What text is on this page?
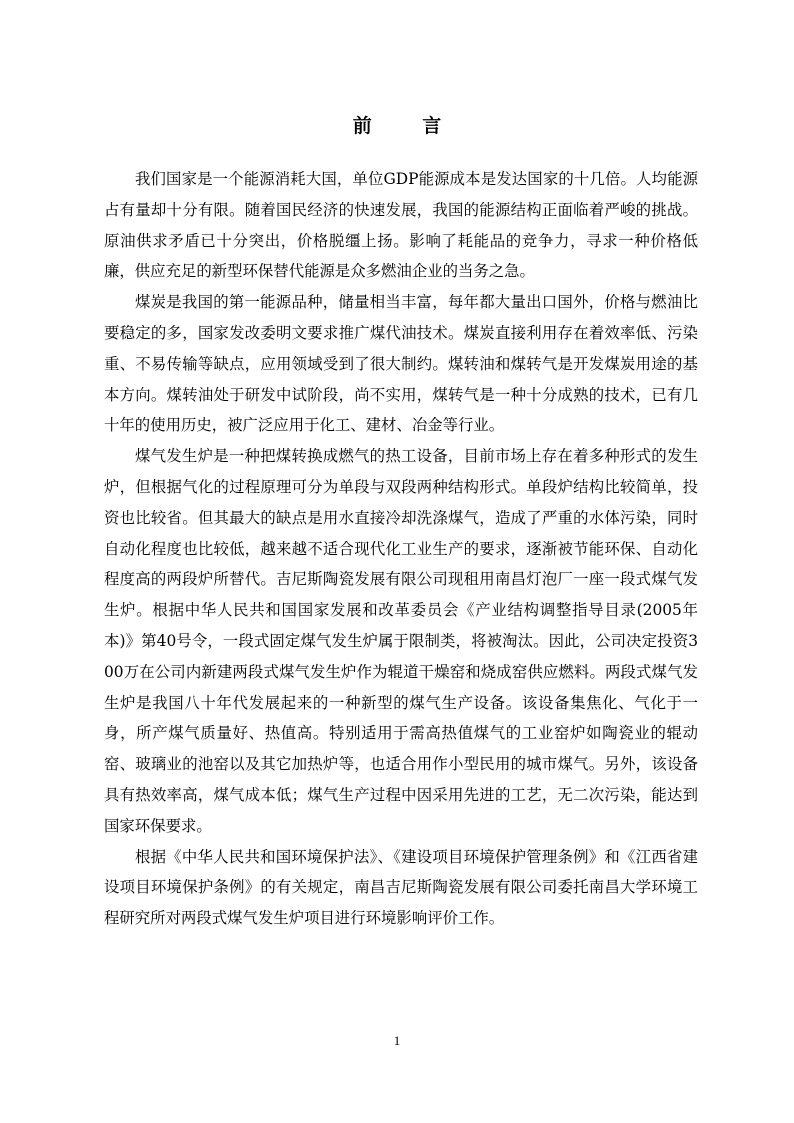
前 言

我们国家是一个能源消耗大国，单位GDP能源成本是发达国家的十几倍。人均能源占有量却十分有限。随着国民经济的快速发展，我国的能源结构正面临着严峻的挑战。原油供求矛盾已十分突出，价格脱缰上扬。影响了耗能品的竞争力，寻求一种价格低廉，供应充足的新型环保替代能源是众多燃油企业的当务之急。

煤炭是我国的第一能源品种，储量相当丰富，每年都大量出口国外，价格与燃油比要稳定的多，国家发改委明文要求推广煤代油技术。煤炭直接利用存在着效率低、污染重、不易传输等缺点，应用领域受到了很大制约。煤转油和煤转气是开发煤炭用途的基本方向。煤转油处于研发中试阶段，尚不实用，煤转气是一种十分成熟的技术，已有几十年的使用历史，被广泛应用于化工、建材、冶金等行业。

煤气发生炉是一种把煤转换成燃气的热工设备，目前市场上存在着多种形式的发生炉，但根据气化的过程原理可分为单段与双段两种结构形式。单段炉结构比较简单，投资也比较省。但其最大的缺点是用水直接冷却洗涤煤气，造成了严重的水体污染，同时自动化程度也比较低，越来越不适合现代化工业生产的要求，逐渐被节能环保、自动化程度高的两段炉所替代。吉尼斯陶瓷发展有限公司现租用南昌灯泡厂一座一段式煤气发生炉。根据中华人民共和国国家发展和改革委员会《产业结构调整指导目录(2005年本)》第40号令，一段式固定煤气发生炉属于限制类，将被淘汰。因此，公司决定投资300万在公司内新建两段式煤气发生炉作为辊道干燥窑和烧成窑供应燃料。两段式煤气发生炉是我国八十年代发展起来的一种新型的煤气生产设备。该设备集焦化、气化于一身，所产煤气质量好、热值高。特别适用于需高热值煤气的工业窑炉如陶瓷业的辊动窑、玻璃业的池窑以及其它加热炉等，也适合用作小型民用的城市煤气。另外，该设备具有热效率高，煤气成本低；煤气生产过程中因采用先进的工艺，无二次污染，能达到国家环保要求。

根据《中华人民共和国环境保护法》、《建设项目环境保护管理条例》和《江西省建设项目环境保护条例》的有关规定，南昌吉尼斯陶瓷发展有限公司委托南昌大学环境工程研究所对两段式煤气发生炉项目进行环境影响评价工作。

1
